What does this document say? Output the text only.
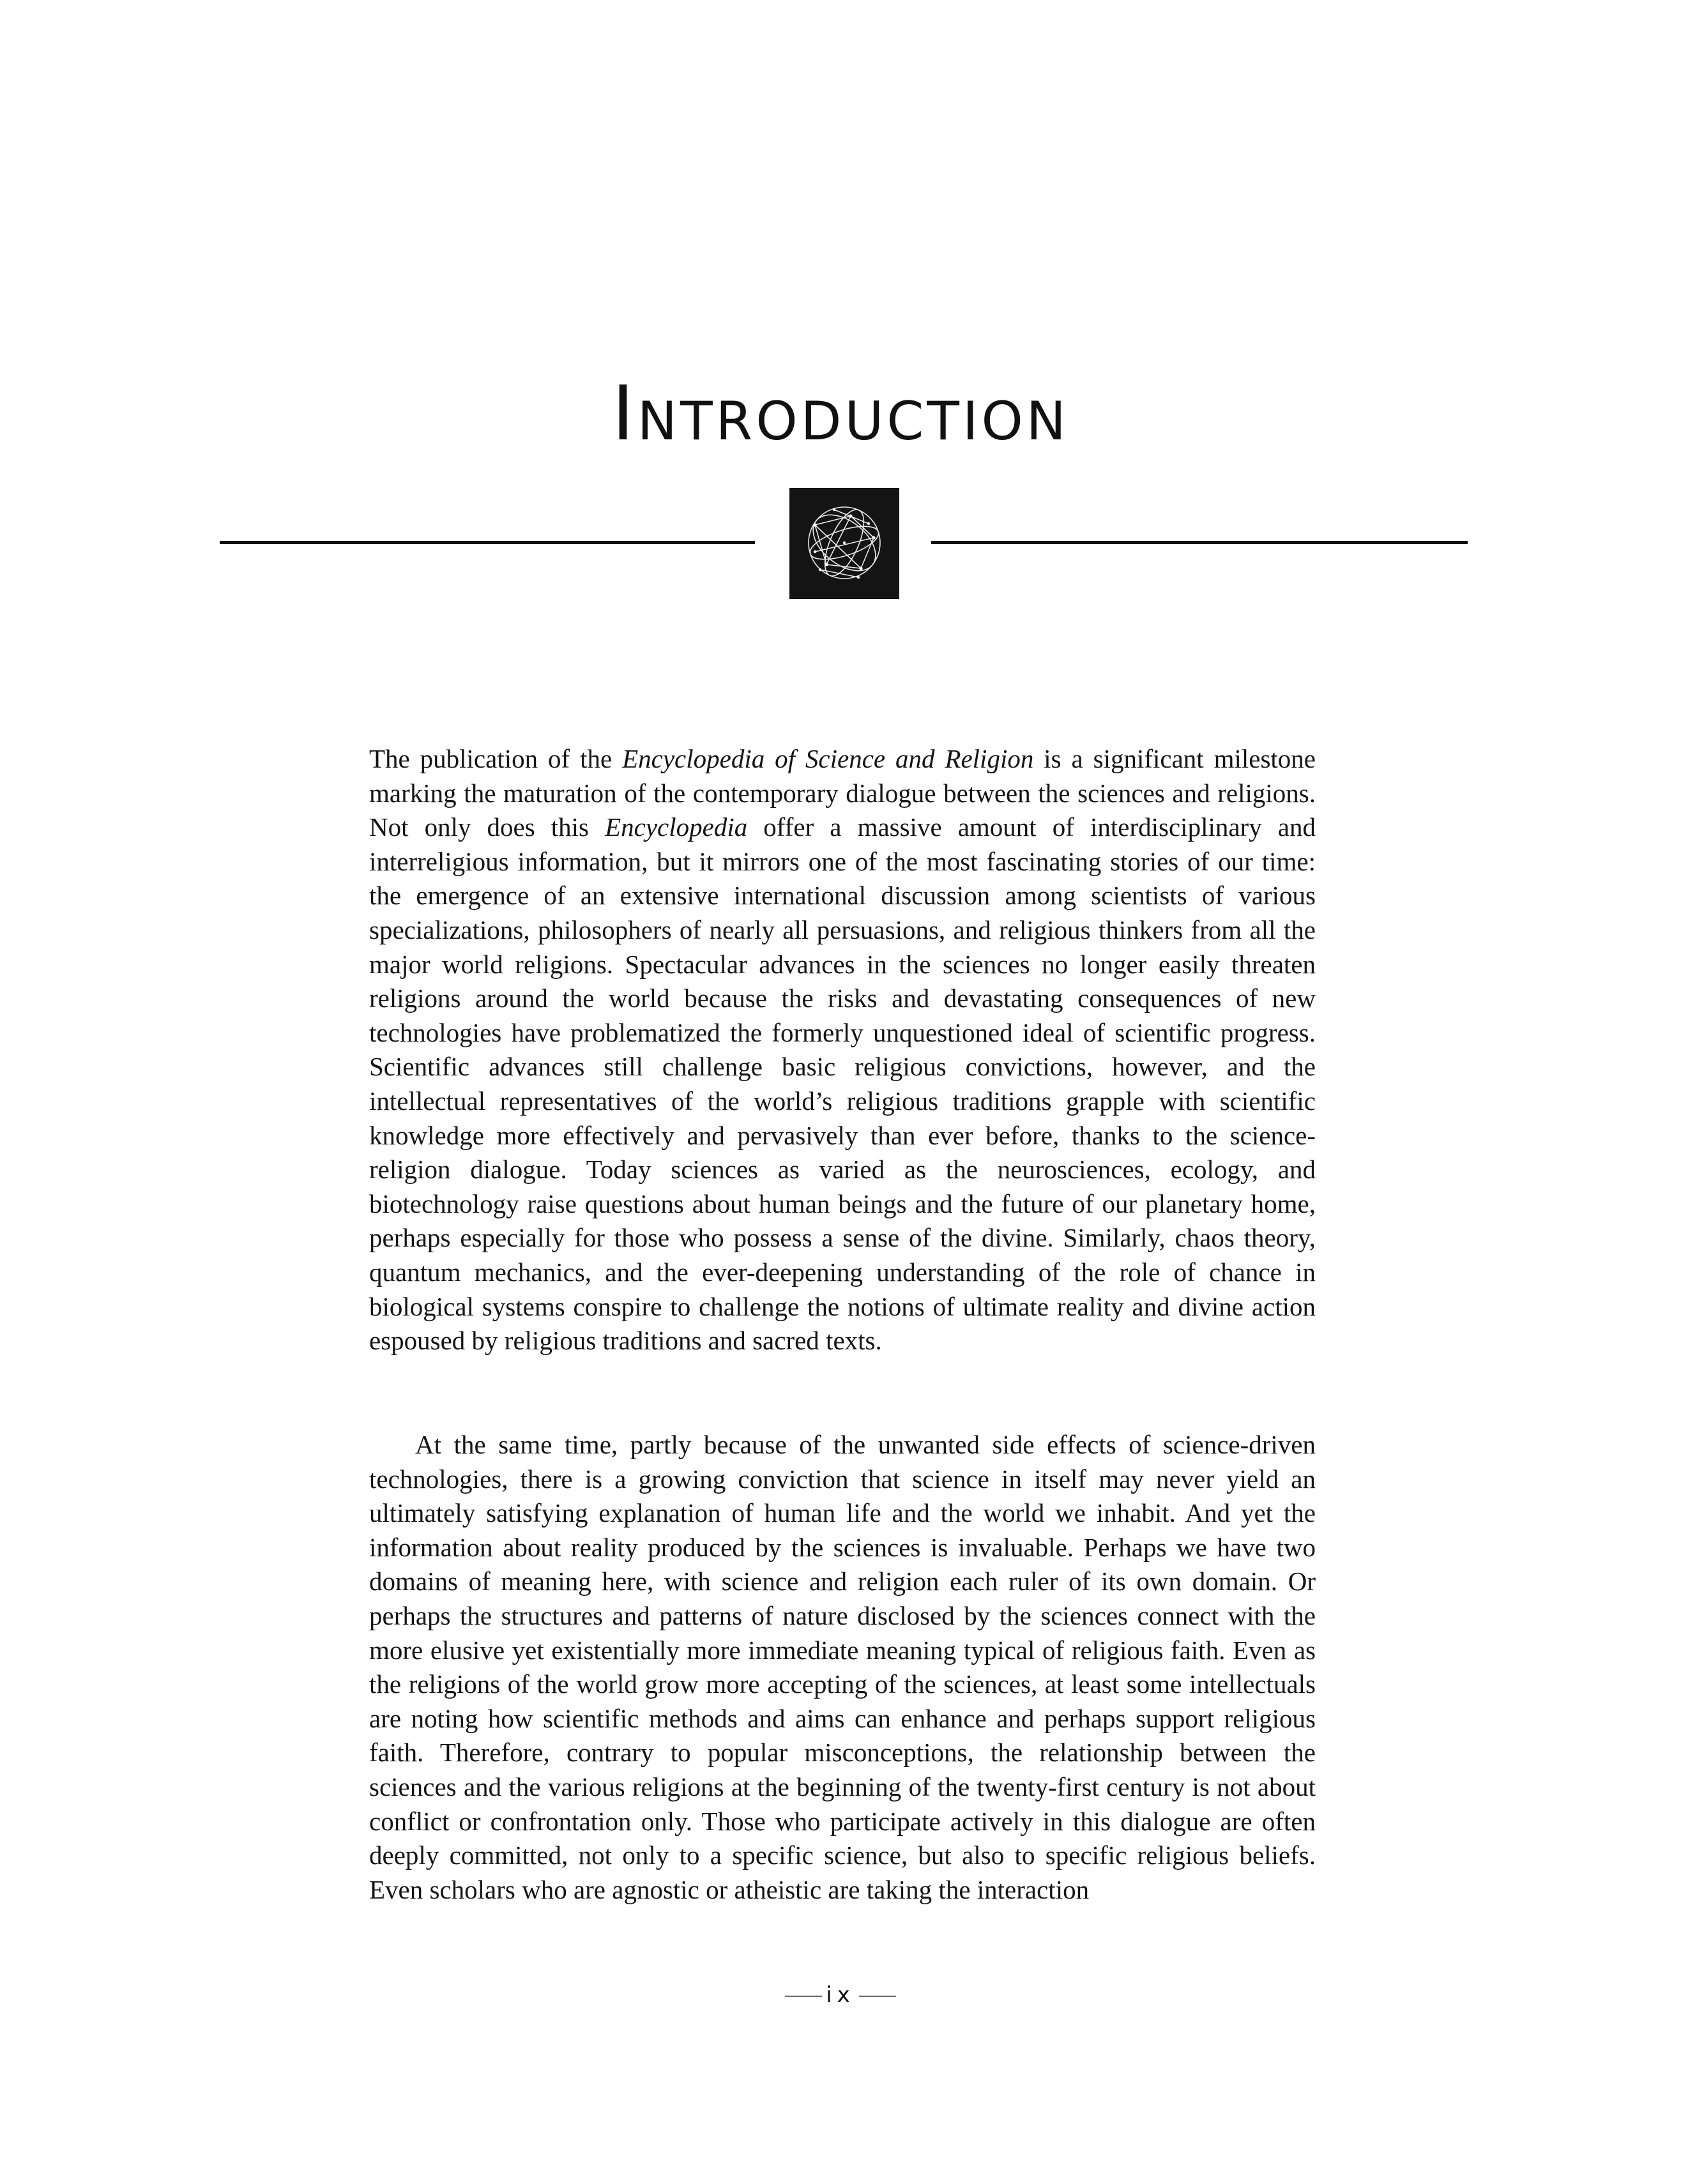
Introduction

The publication of the Encyclopedia of Science and Religion is a significant milestone marking the maturation of the contemporary dialogue between the sciences and religions. Not only does this Encyclopedia offer a massive amount of interdisciplinary and interreligious information, but it mirrors one of the most fascinating stories of our time: the emergence of an extensive international discussion among scientists of various specializations, philosophers of nearly all persuasions, and religious thinkers from all the major world religions. Spectacular advances in the sciences no longer easily threaten religions around the world because the risks and devastating consequences of new technologies have problematized the formerly unquestioned ideal of scientific progress. Scientific advances still challenge basic religious convictions, however, and the intellectual representatives of the world’s religious traditions grapple with scientific knowledge more effectively and pervasively than ever before, thanks to the science-religion dialogue. Today sciences as varied as the neurosciences, ecology, and biotechnology raise questions about human beings and the future of our planetary home, perhaps especially for those who possess a sense of the divine. Similarly, chaos theory, quantum mechanics, and the ever-deepening understanding of the role of chance in biological systems conspire to challenge the notions of ultimate reality and divine action espoused by religious traditions and sacred texts.

At the same time, partly because of the unwanted side effects of science-driven technologies, there is a growing conviction that science in itself may never yield an ultimately satisfying explanation of human life and the world we inhabit. And yet the information about reality produced by the sciences is invaluable. Perhaps we have two domains of meaning here, with science and religion each ruler of its own domain. Or perhaps the structures and patterns of nature disclosed by the sciences connect with the more elusive yet existentially more immediate meaning typical of religious faith. Even as the religions of the world grow more accepting of the sciences, at least some intellectuals are noting how scientific methods and aims can enhance and perhaps support religious faith. Therefore, contrary to popular misconceptions, the relationship between the sciences and the various religions at the beginning of the twenty-first century is not about conflict or confrontation only. Those who participate actively in this dialogue are often deeply committed, not only to a specific science, but also to specific religious beliefs. Even scholars who are agnostic or atheistic are taking the interaction

ix
